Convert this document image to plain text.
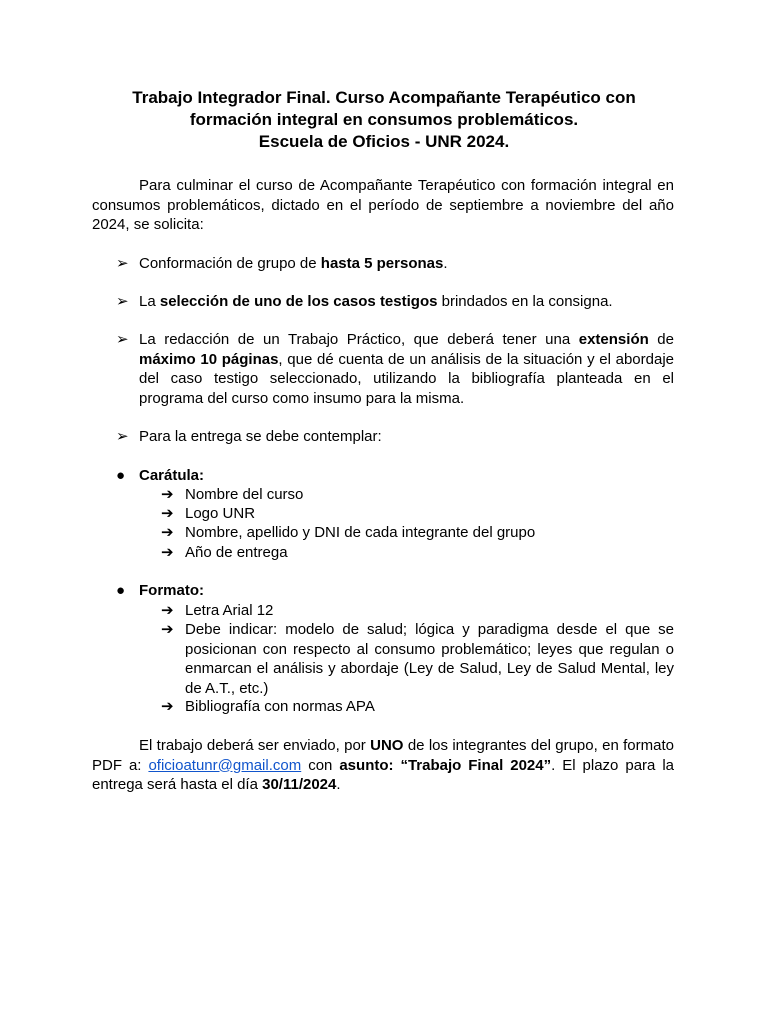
Trabajo Integrador Final. Curso Acompañante Terapéutico con
formación integral en consumos problemáticos.
Escuela de Oficios - UNR 2024.
Para culminar el curso de Acompañante Terapéutico con formación integral en consumos problemáticos, dictado en el período de septiembre a noviembre del año 2024, se solicita:
➢ Conformación de grupo de hasta 5 personas.
➢ La selección de uno de los casos testigos brindados en la consigna.
➢ La redacción de un Trabajo Práctico, que deberá tener una extensión de máximo 10 páginas, que dé cuenta de un análisis de la situación y el abordaje del caso testigo seleccionado, utilizando la bibliografía planteada en el programa del curso como insumo para la misma.
➢ Para la entrega se debe contemplar:
● Carátula:
➔ Nombre del curso
➔ Logo UNR
➔ Nombre, apellido y DNI de cada integrante del grupo
➔ Año de entrega
● Formato:
➔ Letra Arial 12
➔ Debe indicar: modelo de salud; lógica y paradigma desde el que se posicionan con respecto al consumo problemático; leyes que regulan o enmarcan el análisis y abordaje (Ley de Salud, Ley de Salud Mental, ley de A.T., etc.)
➔ Bibliografía con normas APA
El trabajo deberá ser enviado, por UNO de los integrantes del grupo, en formato PDF a: oficioatunr@gmail.com con asunto: “Trabajo Final 2024”. El plazo para la entrega será hasta el día 30/11/2024.
